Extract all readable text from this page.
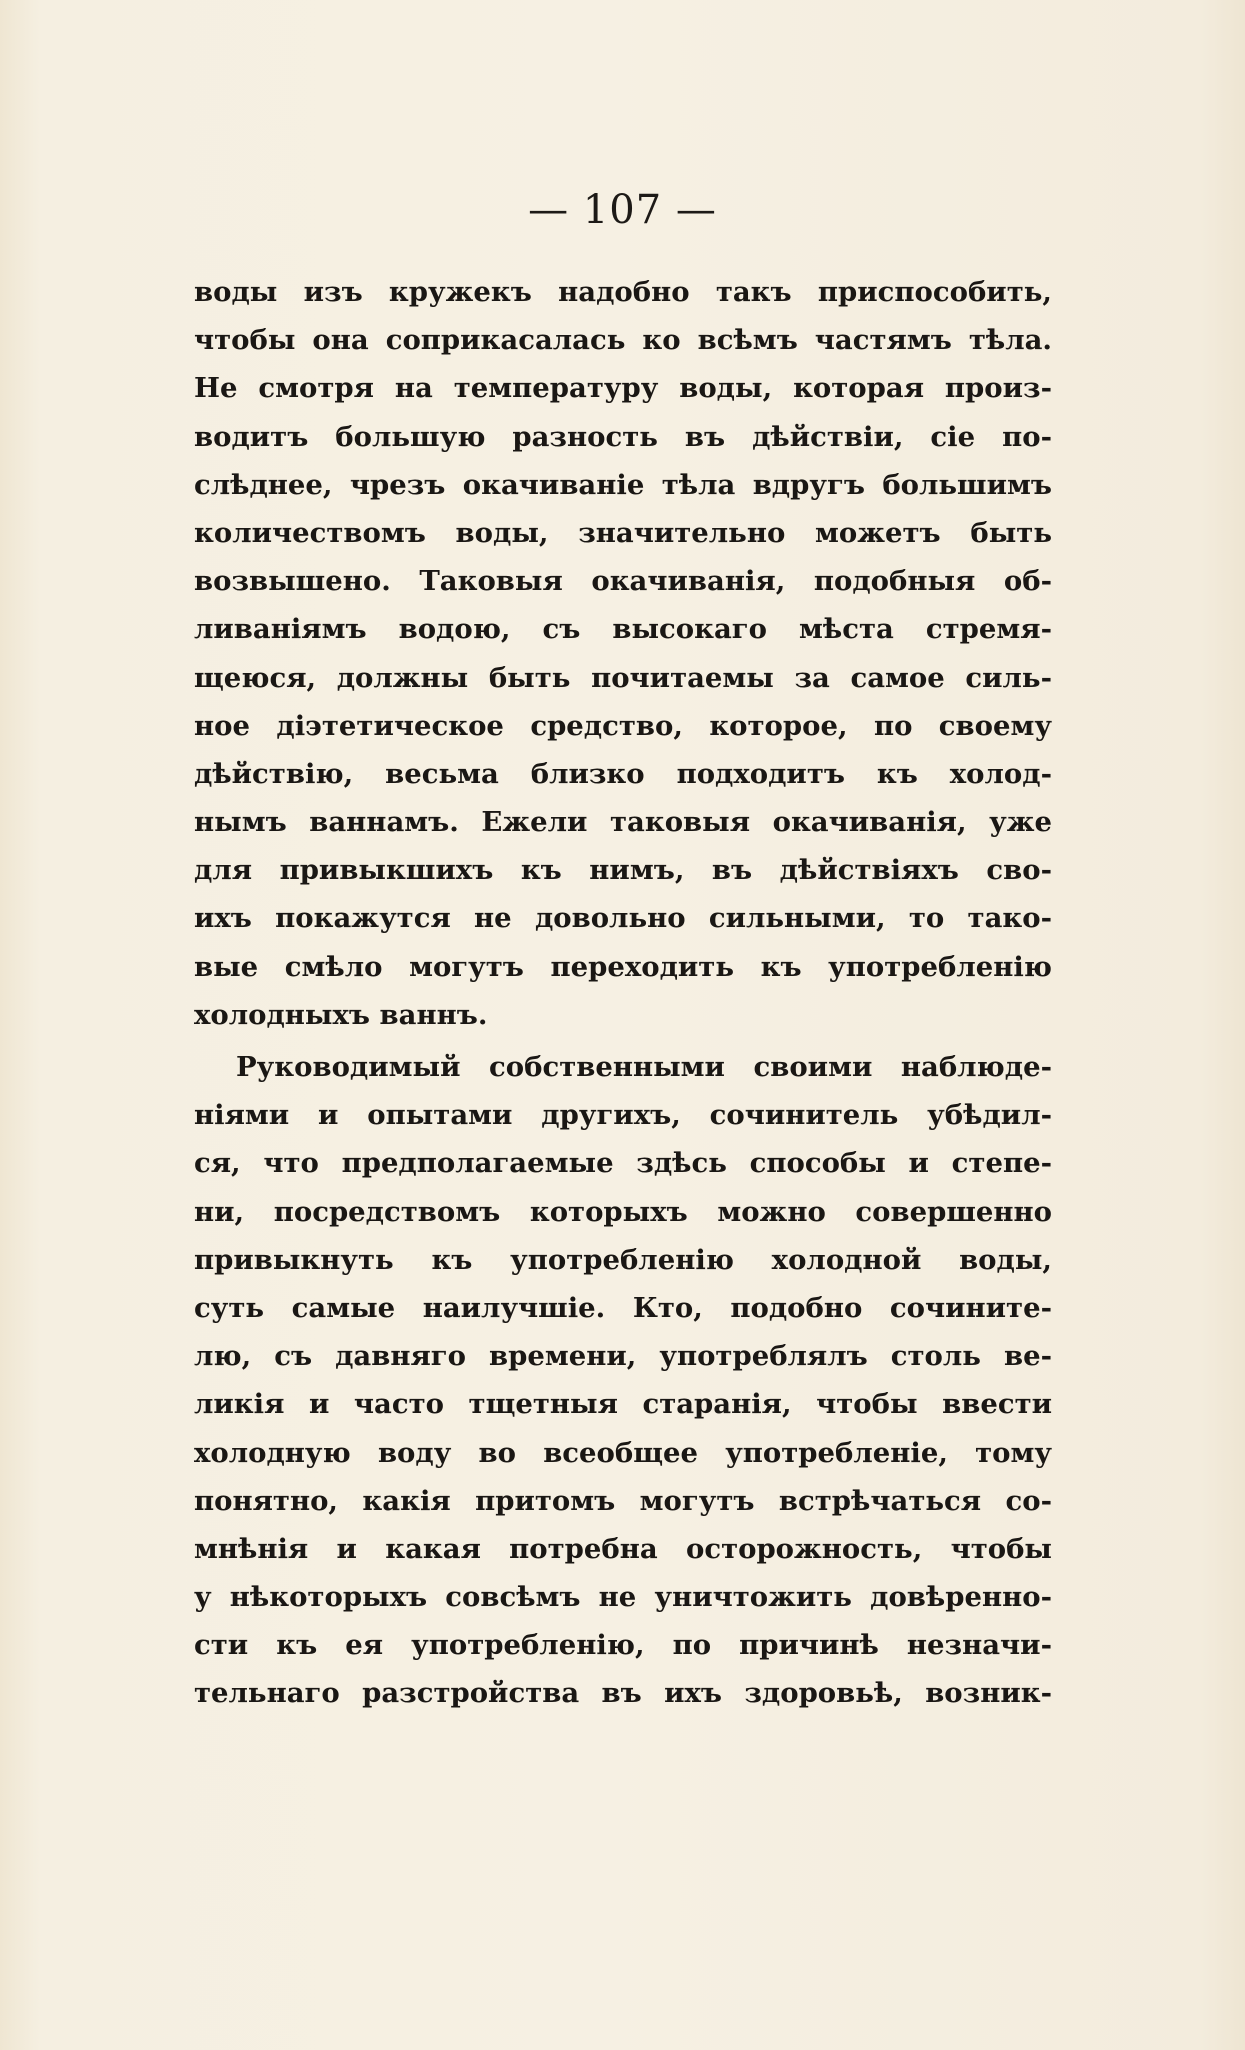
— 107 —
воды изъ кружекъ надобно такъ приспособить,
чтобы она соприкасалась ко всѣмъ частямъ тѣла.
Не смотря на температуру воды, которая произ-
водитъ большую разность въ дѣйствiи, сiе по-
слѣднее, чрезъ окачиванiе тѣла вдругъ большимъ
количествомъ воды, значительно можетъ быть
возвышено. Таковыя окачиванiя, подобныя об-
ливанiямъ водою, съ высокаго мѣста стремя-
щеюся, должны быть почитаемы за самое силь-
ное дiэтетическое средство, которое, по своему
дѣйствiю, весьма близко подходитъ къ холод-
нымъ ваннамъ. Ежели таковыя окачиванiя, уже
для привыкшихъ къ нимъ, въ дѣйствiяхъ сво-
ихъ покажутся не довольно сильными, то тако-
вые смѣло могутъ переходить къ употребленiю
холодныхъ ваннъ.
Руководимый собственными своими наблюде-
нiями и опытами другихъ, сочинитель убѣдил-
ся, что предполагаемые здѣсь способы и степе-
ни, посредствомъ которыхъ можно совершенно
привыкнуть къ употребленiю холодной воды,
суть самые наилучшiе. Кто, подобно сочините-
лю, съ давняго времени, употреблялъ столь ве-
ликiя и часто тщетныя старанiя, чтобы ввести
холодную воду во всеобщее употребленiе, тому
понятно, какiя притомъ могутъ встрѣчаться со-
мнѣнiя и какая потребна осторожность, чтобы
у нѣкоторыхъ совсѣмъ не уничтожить довѣренно-
сти къ ея употребленiю, по причинѣ незначи-
тельнаго разстройства въ ихъ здоровьѣ, возник-
